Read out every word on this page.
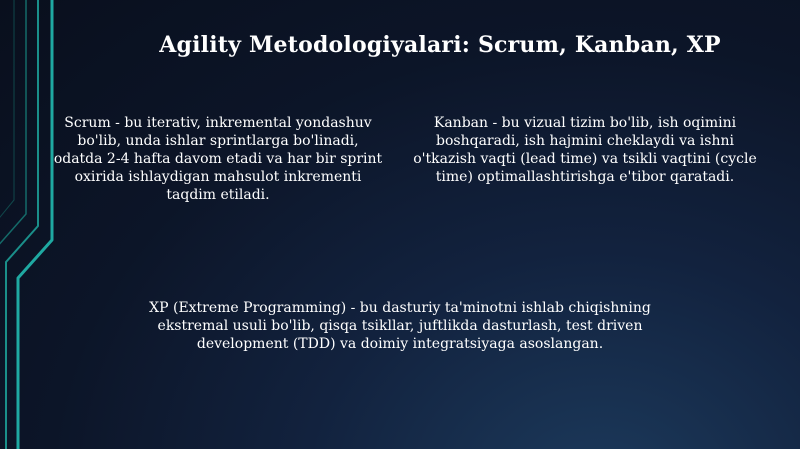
Agility Metodologiyalari: Scrum, Kanban, XP
Scrum - bu iterativ, inkremental yondashuv bo'lib, unda ishlar sprintlarga bo'linadi, odatda 2-4 hafta davom etadi va har bir sprint oxirida ishlaydigan mahsulot inkrementi taqdim etiladi.
Kanban - bu vizual tizim bo'lib, ish oqimini boshqaradi, ish hajmini cheklaydi va ishni o'tkazish vaqti (lead time) va tsikli vaqtini (cycle time) optimallashtirishga e'tibor qaratadi.
XP (Extreme Programming) - bu dasturiy ta'minotni ishlab chiqishning ekstremal usuli bo'lib, qisqa tsikllar, juftlikda dasturlash, test driven development (TDD) va doimiy integratsiyaga asoslangan.
